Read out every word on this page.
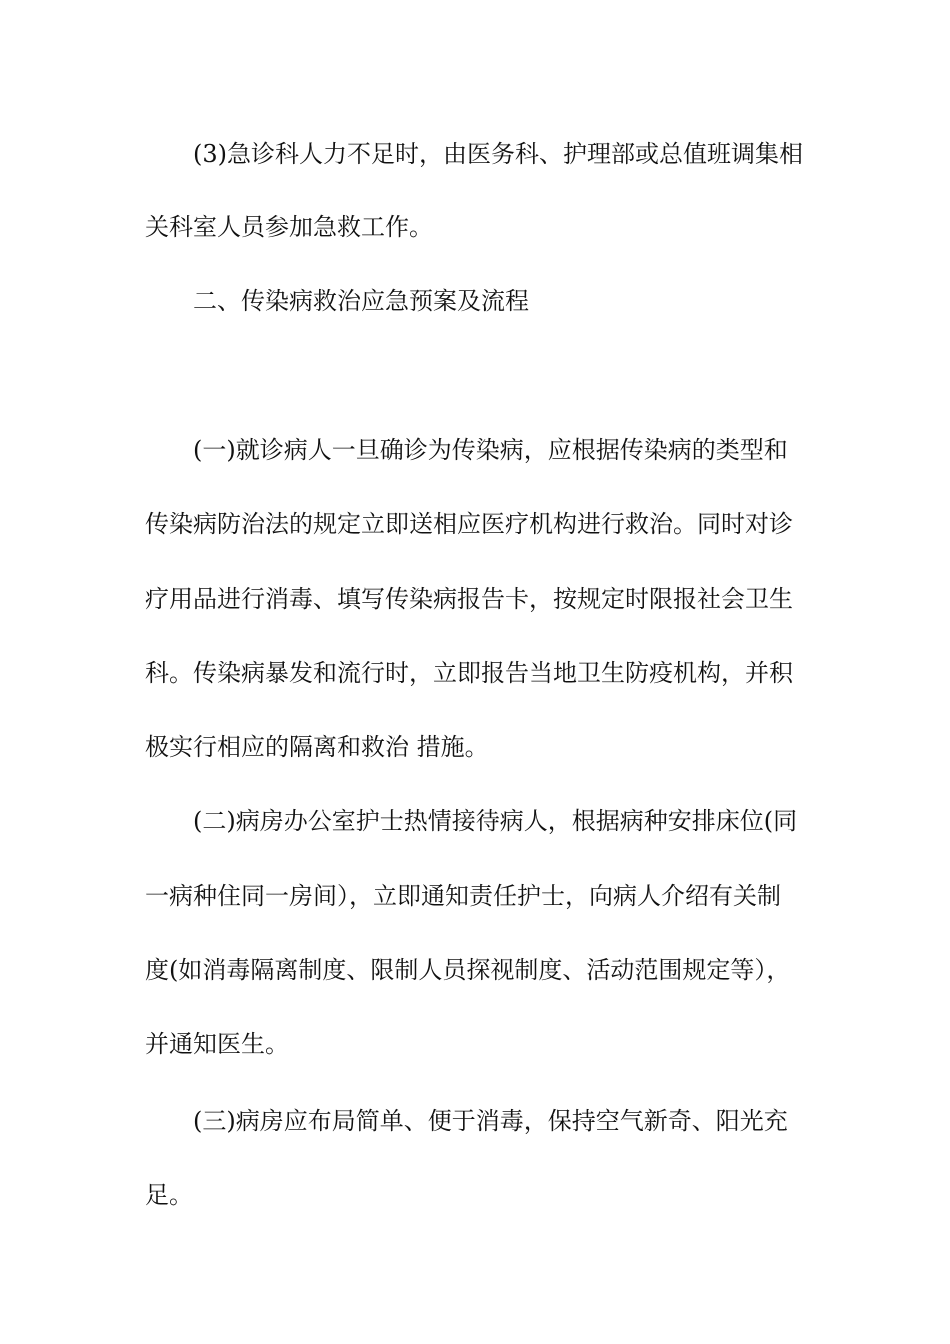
(3)急诊科人力不足时，由医务科、护理部或总值班调集相
关科室人员参加急救工作。
二、传染病救治应急预案及流程
(一)就诊病人一旦确诊为传染病，应根据传染病的类型和
传染病防治法的规定立即送相应医疗机构进行救治。同时对诊
疗用品进行消毒、填写传染病报告卡，按规定时限报社会卫生
科。传染病暴发和流行时，立即报告当地卫生防疫机构，并积
极实行相应的隔离和救治 措施。
(二)病房办公室护士热情接待病人，根据病种安排床位(同
一病种住同一房间），立即通知责任护士，向病人介绍有关制
度(如消毒隔离制度、限制人员探视制度、活动范围规定等），
并通知医生。
(三)病房应布局简单、便于消毒，保持空气新奇、阳光充
足。
